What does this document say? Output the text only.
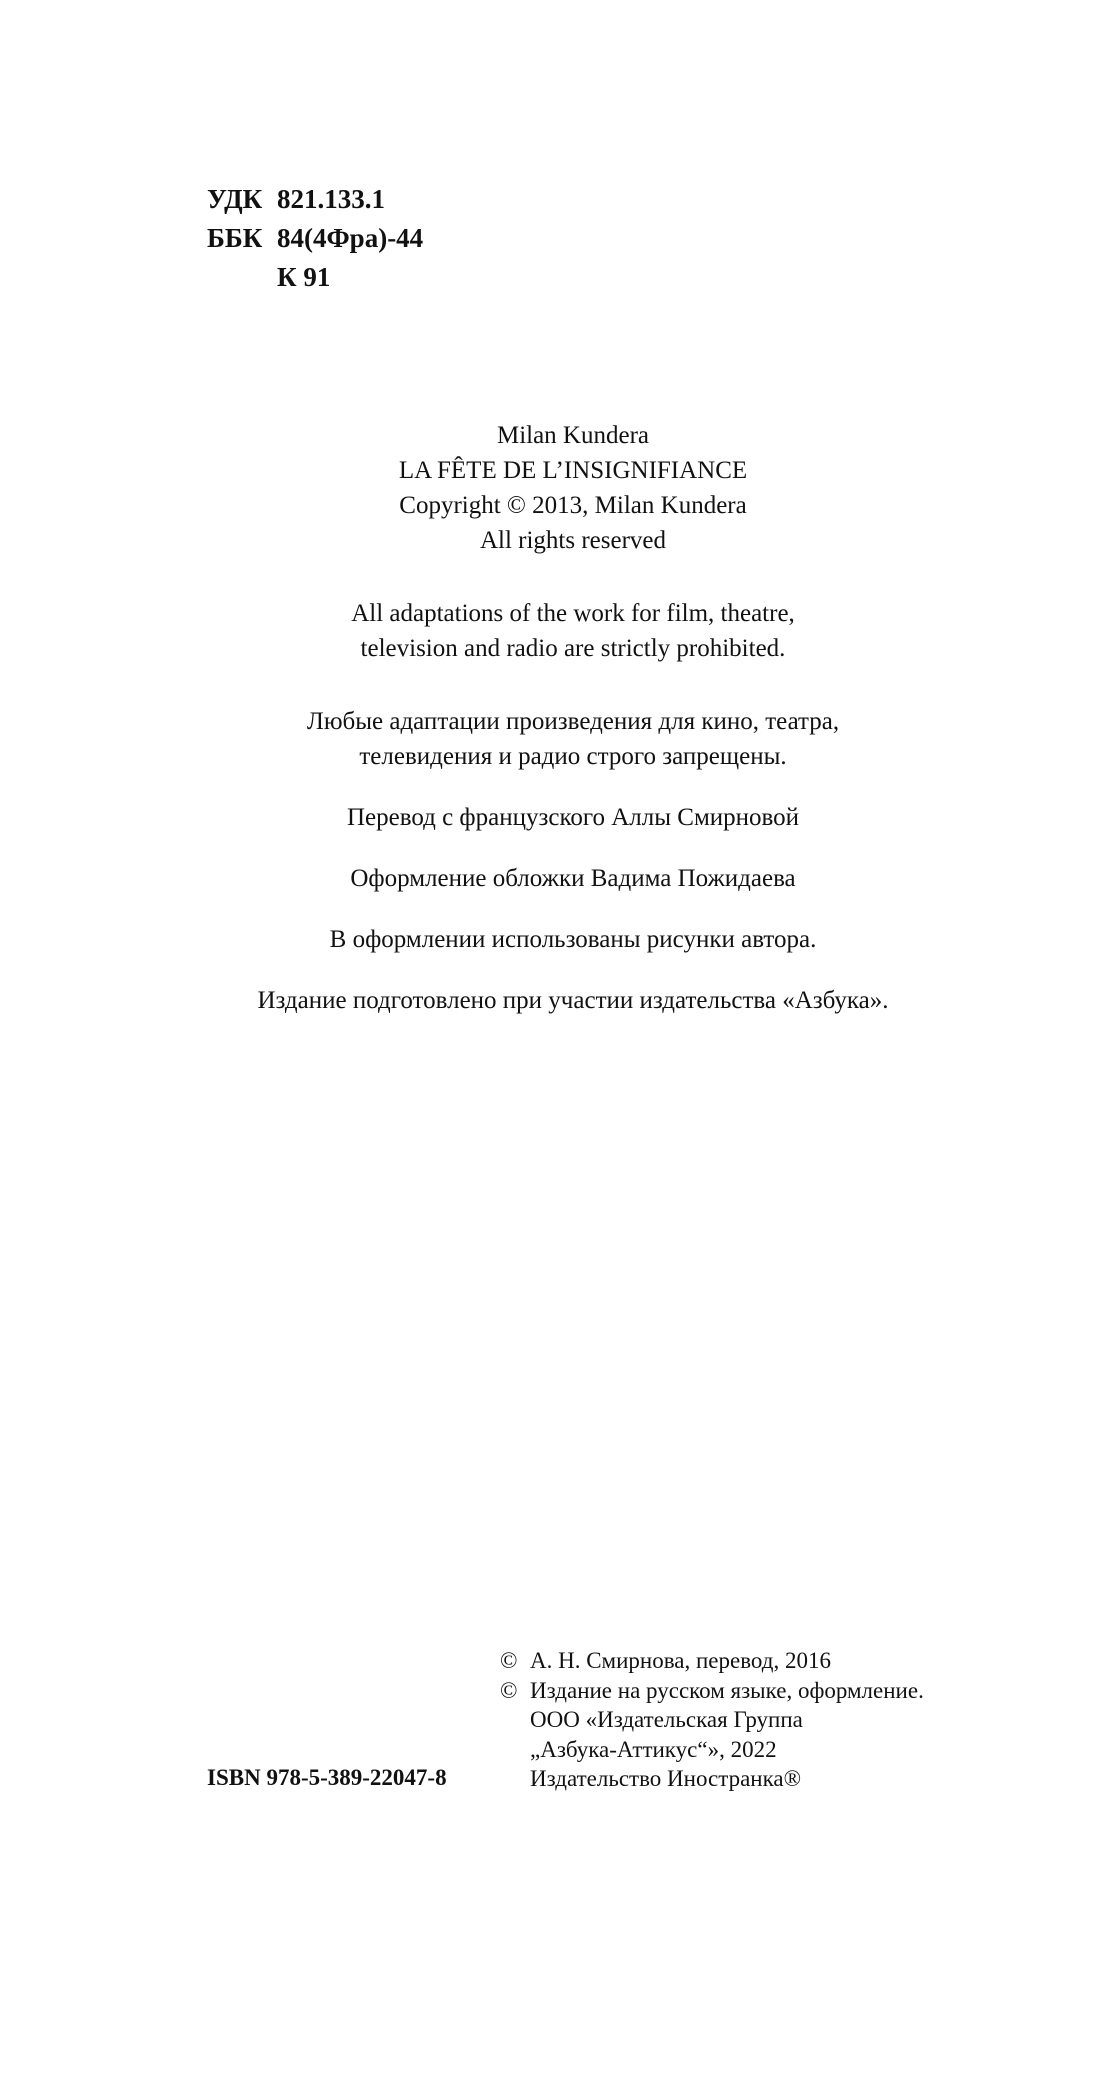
УДК 821.133.1
ББК 84(4Фра)-44
К 91

Milan Kundera

LA FÊTE DE L’INSIGNIFIANCE

Copyright © 2013, Milan Kundera

All rights reserved

All adaptations of the work for film, theatre,

television and radio are strictly prohibited.

Любые адаптации произведения для кино, театра,

телевидения и радио строго запрещены.

Перевод с французского Аллы Смирновой

Оформление обложки Вадима Пожидаева

В оформлении использованы рисунки автора.

Издание подготовлено при участии издательства «Азбука».

© А. Н. Смирнова, перевод, 2016
© Издание на русском языке, оформление.
ООО «Издательская Группа
„Азбука-Аттикус“», 2022
Издательство Иностранка®
ISBN 978-5-389-22047-8
